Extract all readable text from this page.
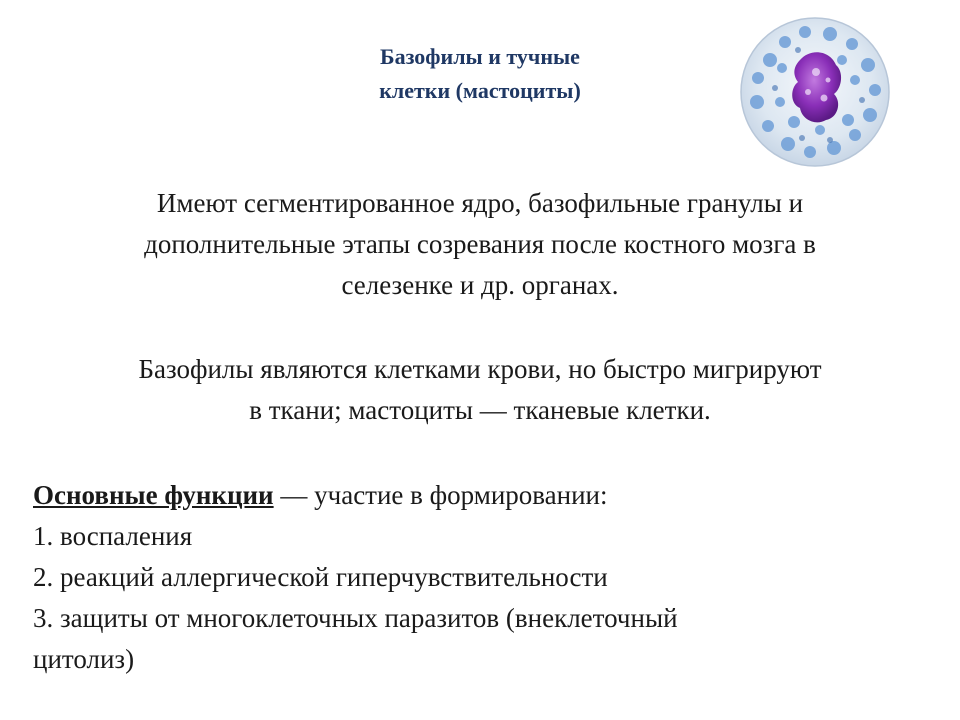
Базофилы и тучные
клетки (мастоциты)
Имеют сегментированное ядро, базофильные гранулы и
дополнительные этапы созревания после костного мозга в
селезенке и др. органах.
Базофилы являются клетками крови, но быстро мигрируют
в ткани; мастоциты — тканевые клетки.
Основные функции — участие в формировании:
1. воспаления
2. реакций аллергической гиперчувствительности
3. защиты от многоклеточных паразитов (внеклеточный
цитолиз)
